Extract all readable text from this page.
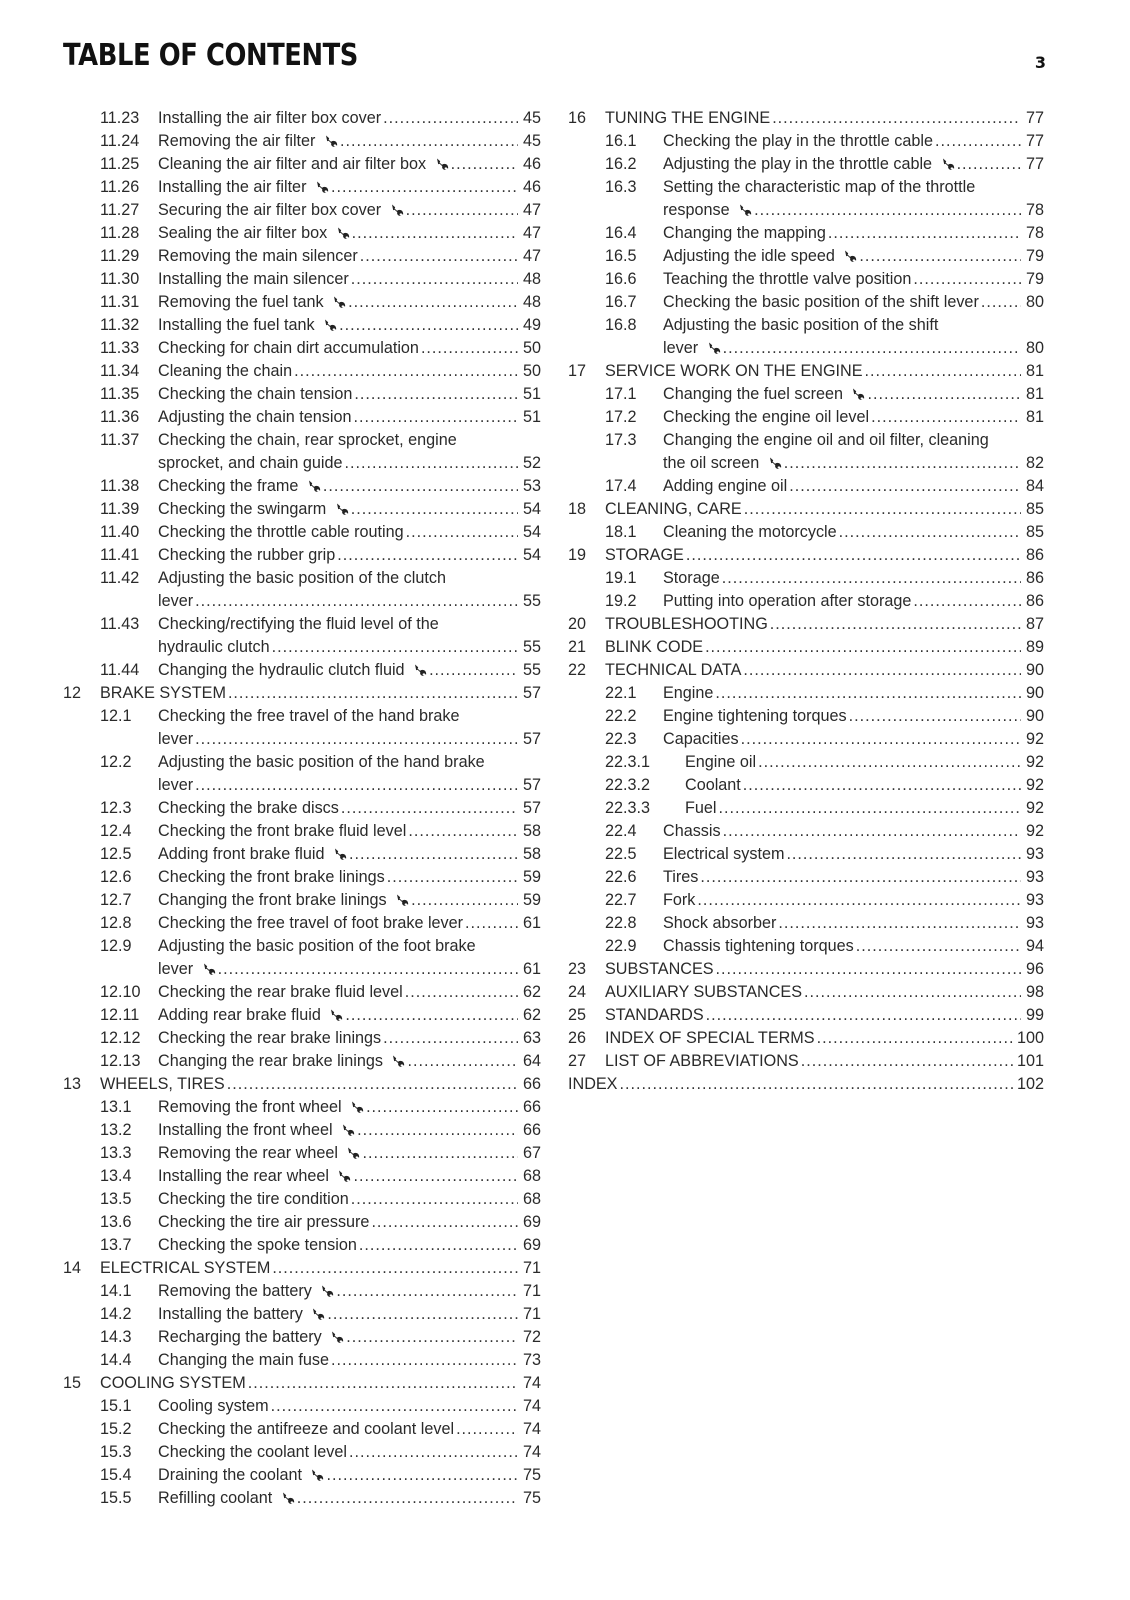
TABLE OF CONTENTS	3
11.23	Installing the air filter box cover .....	45
11.24	Removing the air filter .....	45
11.25	Cleaning the air filter and air filter box .....	46
11.26	Installing the air filter .....	46
11.27	Securing the air filter box cover .....	47
11.28	Sealing the air filter box .....	47
11.29	Removing the main silencer .....	47
11.30	Installing the main silencer .....	48
11.31	Removing the fuel tank .....	48
11.32	Installing the fuel tank .....	49
11.33	Checking for chain dirt accumulation .....	50
11.34	Cleaning the chain .....	50
11.35	Checking the chain tension .....	51
11.36	Adjusting the chain tension .....	51
11.37	Checking the chain, rear sprocket, engine
sprocket, and chain guide .....	52
11.38	Checking the frame .....	53
11.39	Checking the swingarm .....	54
11.40	Checking the throttle cable routing .....	54
11.41	Checking the rubber grip .....	54
11.42	Adjusting the basic position of the clutch
lever .....	55
11.43	Checking/rectifying the fluid level of the
hydraulic clutch .....	55
11.44	Changing the hydraulic clutch fluid .....	55
12	BRAKE SYSTEM .....	57
12.1	Checking the free travel of the hand brake
lever .....	57
12.2	Adjusting the basic position of the hand brake
lever .....	57
12.3	Checking the brake discs .....	57
12.4	Checking the front brake fluid level .....	58
12.5	Adding front brake fluid .....	58
12.6	Checking the front brake linings .....	59
12.7	Changing the front brake linings .....	59
12.8	Checking the free travel of foot brake lever .....	61
12.9	Adjusting the basic position of the foot brake
lever .....	61
12.10	Checking the rear brake fluid level .....	62
12.11	Adding rear brake fluid .....	62
12.12	Checking the rear brake linings .....	63
12.13	Changing the rear brake linings .....	64
13	WHEELS, TIRES .....	66
13.1	Removing the front wheel .....	66
13.2	Installing the front wheel .....	66
13.3	Removing the rear wheel .....	67
13.4	Installing the rear wheel .....	68
13.5	Checking the tire condition .....	68
13.6	Checking the tire air pressure .....	69
13.7	Checking the spoke tension .....	69
14	ELECTRICAL SYSTEM .....	71
14.1	Removing the battery .....	71
14.2	Installing the battery .....	71
14.3	Recharging the battery .....	72
14.4	Changing the main fuse .....	73
15	COOLING SYSTEM .....	74
15.1	Cooling system .....	74
15.2	Checking the antifreeze and coolant level .....	74
15.3	Checking the coolant level .....	74
15.4	Draining the coolant .....	75
15.5	Refilling coolant .....	75
16	TUNING THE ENGINE .....	77
16.1	Checking the play in the throttle cable .....	77
16.2	Adjusting the play in the throttle cable .....	77
16.3	Setting the characteristic map of the throttle
response .....	78
16.4	Changing the mapping .....	78
16.5	Adjusting the idle speed .....	79
16.6	Teaching the throttle valve position .....	79
16.7	Checking the basic position of the shift lever .....	80
16.8	Adjusting the basic position of the shift
lever .....	80
17	SERVICE WORK ON THE ENGINE .....	81
17.1	Changing the fuel screen .....	81
17.2	Checking the engine oil level .....	81
17.3	Changing the engine oil and oil filter, cleaning
the oil screen .....	82
17.4	Adding engine oil .....	84
18	CLEANING, CARE .....	85
18.1	Cleaning the motorcycle .....	85
19	STORAGE .....	86
19.1	Storage .....	86
19.2	Putting into operation after storage .....	86
20	TROUBLESHOOTING .....	87
21	BLINK CODE .....	89
22	TECHNICAL DATA .....	90
22.1	Engine .....	90
22.2	Engine tightening torques .....	90
22.3	Capacities .....	92
22.3.1	Engine oil .....	92
22.3.2	Coolant .....	92
22.3.3	Fuel .....	92
22.4	Chassis .....	92
22.5	Electrical system .....	93
22.6	Tires .....	93
22.7	Fork .....	93
22.8	Shock absorber .....	93
22.9	Chassis tightening torques .....	94
23	SUBSTANCES .....	96
24	AUXILIARY SUBSTANCES .....	98
25	STANDARDS .....	99
26	INDEX OF SPECIAL TERMS .....	100
27	LIST OF ABBREVIATIONS .....	101
INDEX .....	102
